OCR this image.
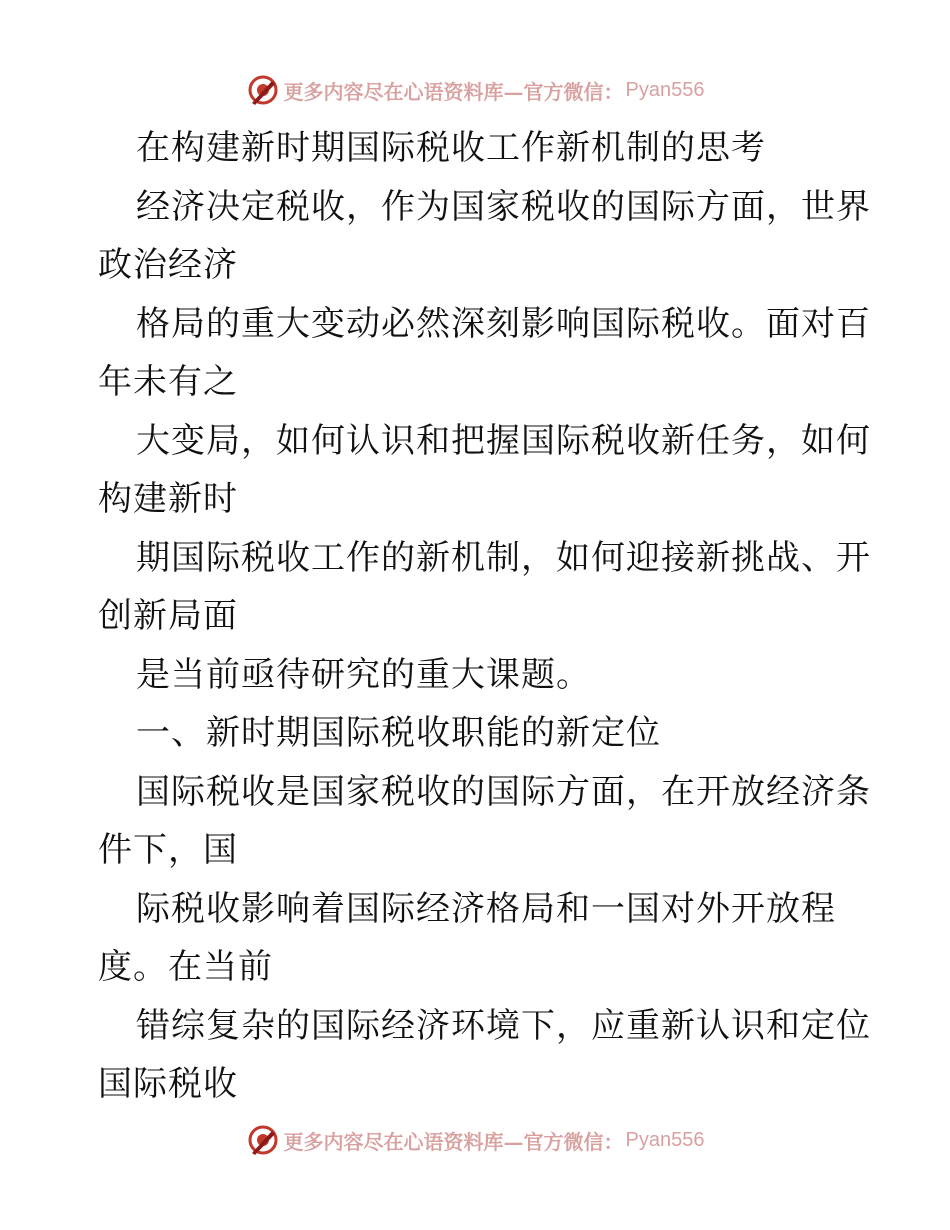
更多内容尽在心语资料库—官方微信： Pyan556
在构建新时期国际税收工作新机制的思考
经济决定税收，作为国家税收的国际方面，世界
政治经济
格局的重大变动必然深刻影响国际税收。面对百
年未有之
大变局，如何认识和把握国际税收新任务，如何
构建新时
期国际税收工作的新机制，如何迎接新挑战、开
创新局面
是当前亟待研究的重大课题。
一、新时期国际税收职能的新定位
国际税收是国家税收的国际方面，在开放经济条
件下，国
际税收影响着国际经济格局和一国对外开放程
度。在当前
错综复杂的国际经济环境下，应重新认识和定位
国际税收
更多内容尽在心语资料库—官方微信： Pyan556
